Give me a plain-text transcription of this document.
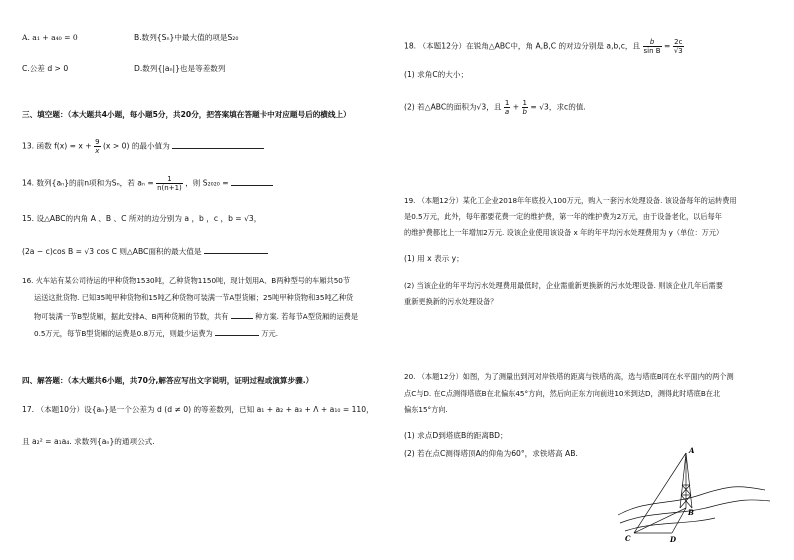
A. a₁ + a₄₀ = 0	B.数列{Sₙ}中最大值的项是S₂₀
C.公差 d > 0	D.数列{|aₙ|}也是等差数列
三、填空题：（本大题共4小题，每小题5分，共20分，把答案填在答题卡中对应题号后的横线上）
13. 函数 $f(x) = x + \frac{9}{x} (x > 0)$ 的最小值为
14. 数列{aₙ}的前n项和为Sₙ，若 $a_n = \frac{1}{n(n+1)}$ ，则 S₂₀₂₀ =
15. 设△ABC的内角 A 、B 、C 所对的边分别为 a ，b ，c ，b = √3，
(2a − c)cos B = √3 cos C 则△ABC面积的最大值是
16. 火车站有某公司待运的甲种货物1530吨，乙种货物1150吨，现计划用A、B两种型号的车厢共50节
运送这批货物. 已知35吨甲种货物和15吨乙种货物可装满一节A型货厢；25吨甲种货物和35吨乙种货
物可装满一节B型货厢，据此安排A、B两种货厢的节数，共有	种方案. 若每节A型货厢的运费是
0.5万元，每节B型货厢的运费是0.8万元，则最少运费为	万元.
四、解答题：（本大题共6小题，共70分,解答应写出文字说明，证明过程或演算步骤.）
17. （本题10分）设{aₙ}是一个公差为 d (d ≠ 0) 的等差数列，已知 a₁ + a₂ + a₃ + Λ + a₁₀ = 110，
且 a₂² = a₁a₄. 求数列{aₙ}的通项公式.
18. （本题12分）在锐角△ABC中，角 A,B,C 的对边分别是 a,b,c，且 $\frac{b}{\text{sin B}} = \frac{2c}{√3}$
(1) 求角C的大小；
(2) 若△ABC的面积为√3，且 $\frac{1}{a} + \frac{1}{b} = √3$，求c的值.
19. （本题12分）某化工企业2018年年底投入100万元，购入一套污水处理设备. 该设备每年的运转费用
是0.5万元，此外，每年都要花费一定的维护费，第一年的维护费为2万元，由于设备老化，以后每年
的维护费都比上一年增加2万元. 设该企业使用该设备 x 年的年平均污水处理费用为 y（单位：万元）
(1) 用 x 表示 y；
(2) 当该企业的年平均污水处理费用最低时，企业需重新更换新的污水处理设备. 则该企业几年后需要
重新更换新的污水处理设备？
20. （本题12分）如图，为了测量出到河对岸铁塔的距离与铁塔的高，选与塔底B同在水平面内的两个测
点C与D. 在C点测得塔底B在北偏东45°方向，然后向正东方向前进10米到达D，测得此时塔底B在北
偏东15°方向.
(1) 求点D到塔底B的距离BD；
(2) 若在点C测得塔顶A的仰角为60°，求铁塔高 AB.	A
B
C	D
